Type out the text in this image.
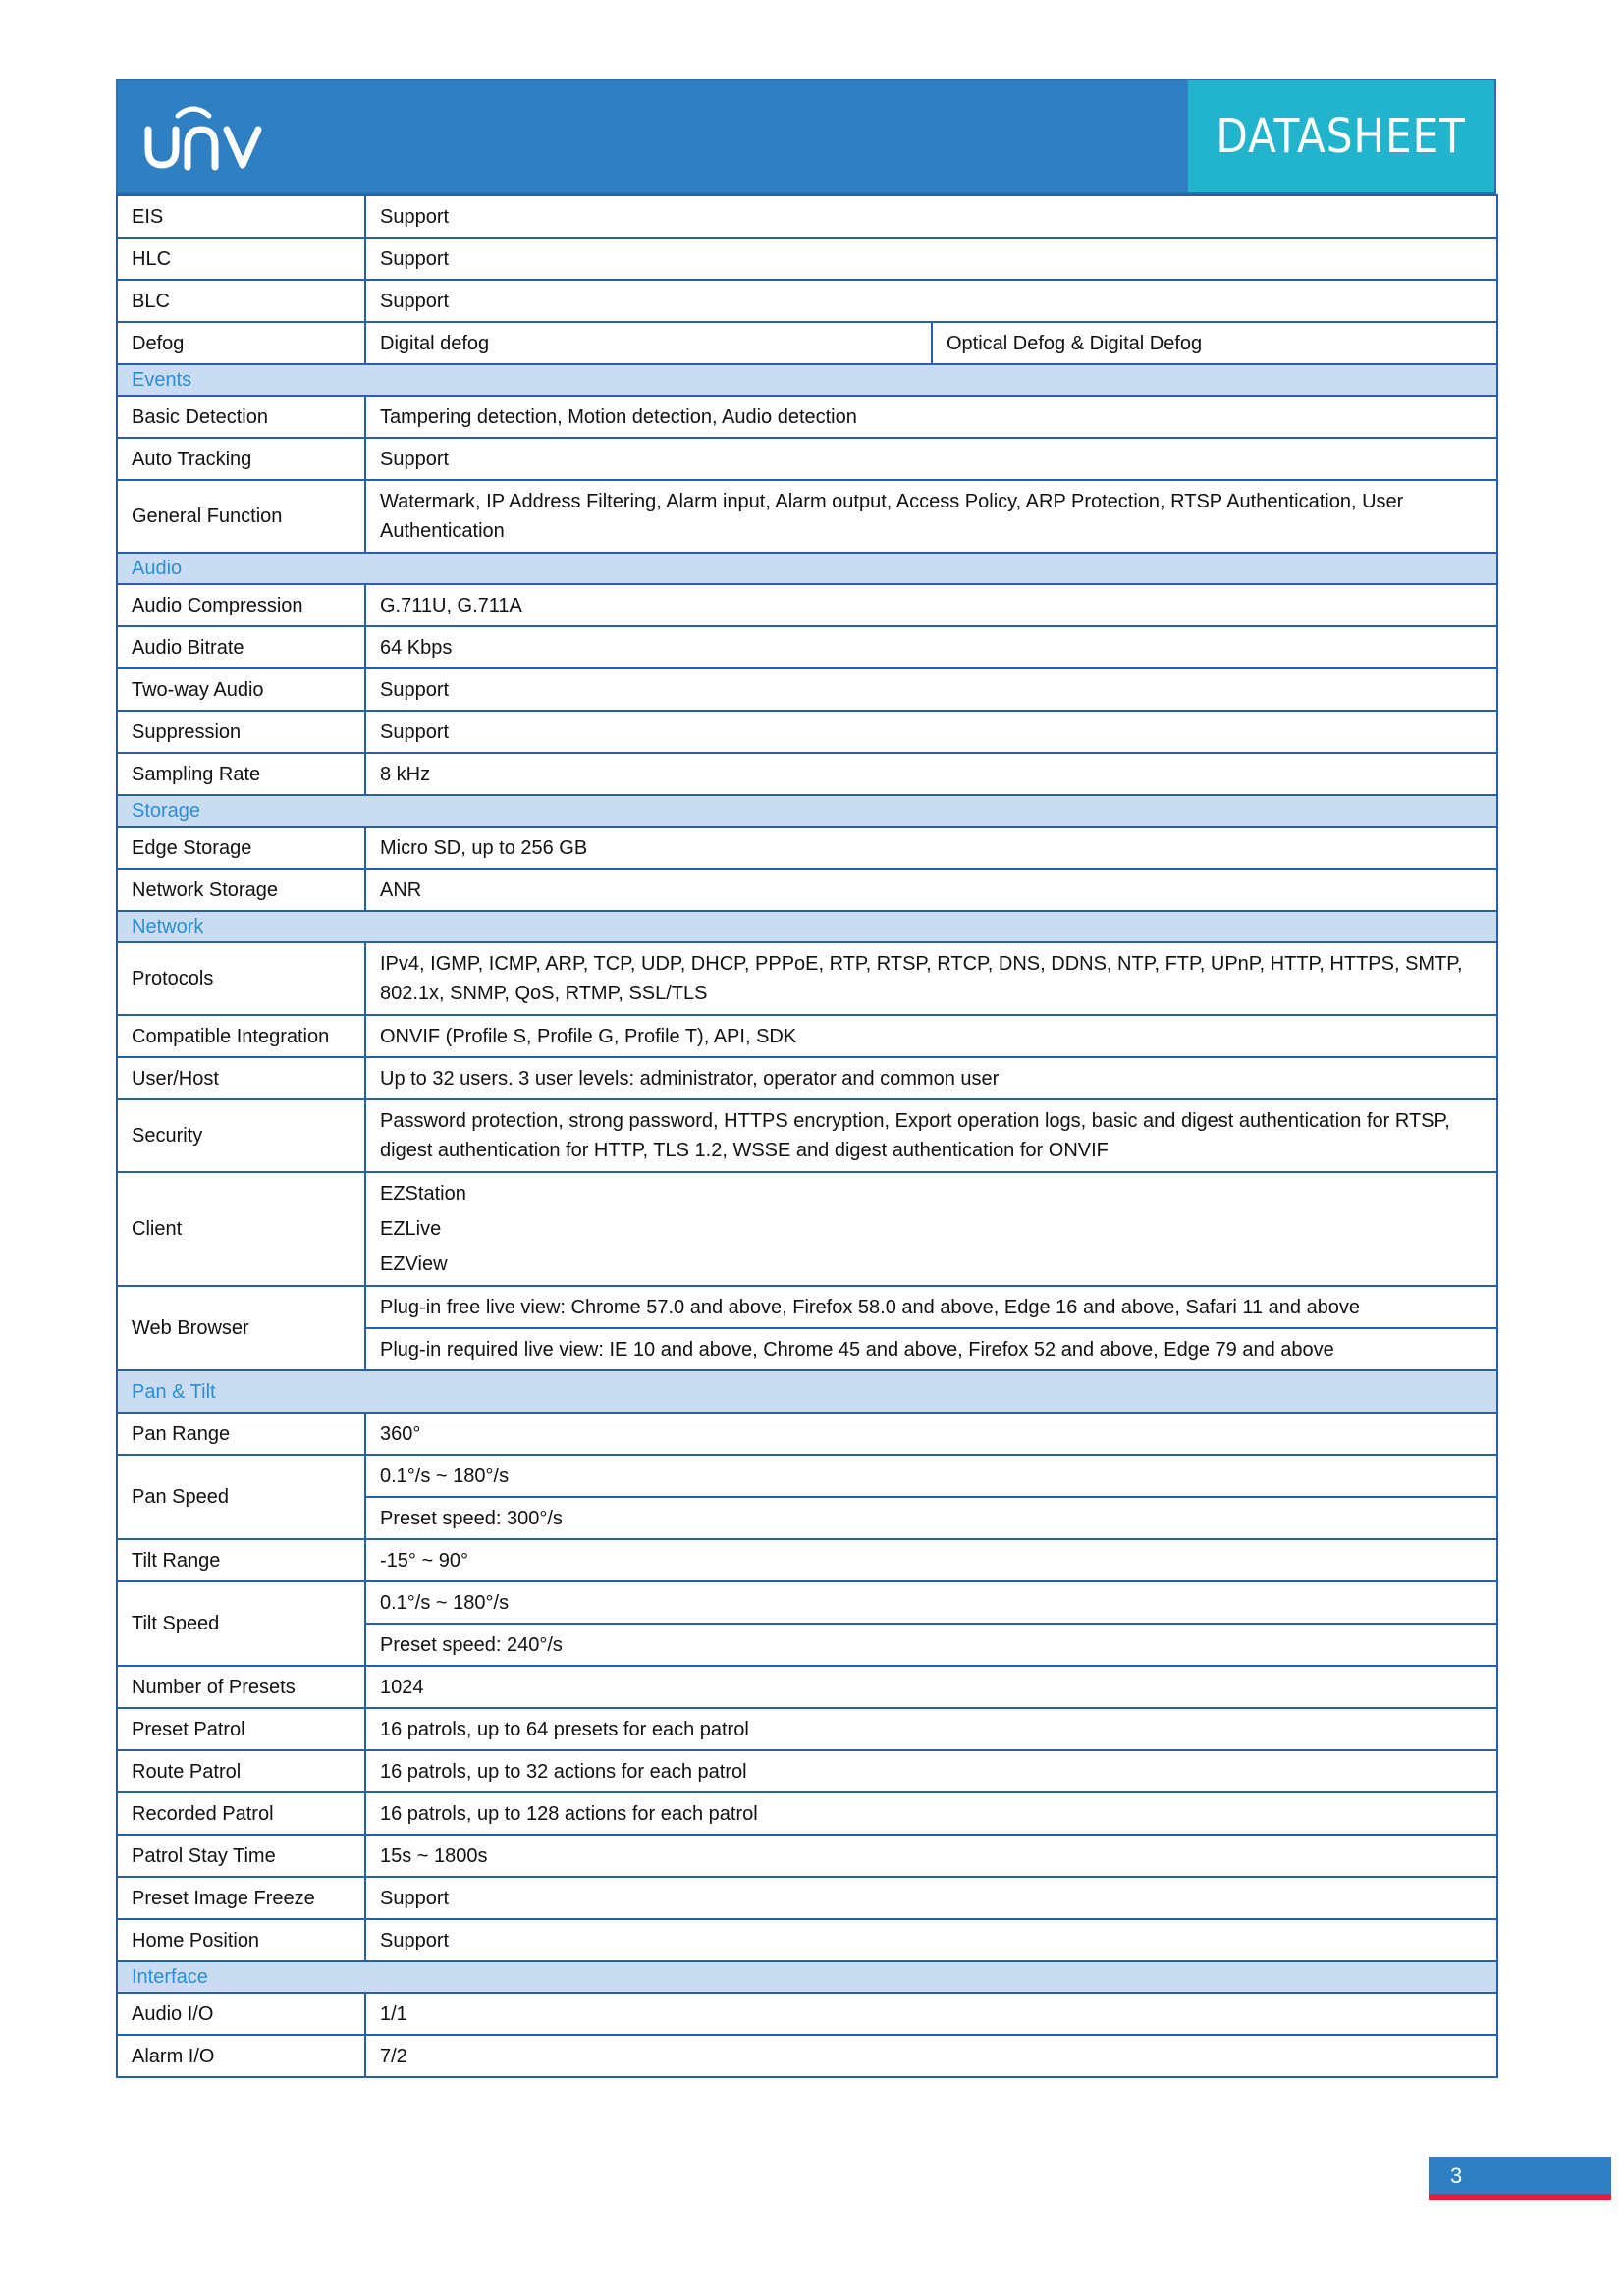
DATASHEET
EIS	Support	
HLC	Support	
BLC	Support	
Defog	Digital defog	Optical Defog & Digital Defog
Events		
Basic Detection	Tampering detection, Motion detection, Audio detection	
Auto Tracking	Support	
General Function	Watermark, IP Address Filtering, Alarm input, Alarm output, Access Policy, ARP Protection, RTSP Authentication, User Authentication	
Audio		
Audio Compression	G.711U, G.711A	
Audio Bitrate	64 Kbps	
Two-way Audio	Support	
Suppression	Support	
Sampling Rate	8 kHz	
Storage		
Edge Storage	Micro SD, up to 256 GB	
Network Storage	ANR	
Network		
Protocols	IPv4, IGMP, ICMP, ARP, TCP, UDP, DHCP, PPPoE, RTP, RTSP, RTCP, DNS, DDNS, NTP, FTP, UPnP, HTTP, HTTPS, SMTP, 802.1x, SNMP, QoS, RTMP, SSL/TLS	
Compatible Integration	ONVIF (Profile S, Profile G, Profile T), API, SDK	
User/Host	Up to 32 users. 3 user levels: administrator, operator and common user	
Security	Password protection, strong password, HTTPS encryption, Export operation logs, basic and digest authentication for RTSP, digest authentication for HTTP, TLS 1.2, WSSE and digest authentication for ONVIF	
Client	EZStation
EZLive
EZView	

Web Browser	Plug-in free live view: Chrome 57.0 and above, Firefox 58.0 and above, Edge 16 and above, Safari 11 and above	
	Plug-in required live view: IE 10 and above, Chrome 45 and above, Firefox 52 and above, Edge 79 and above	
Pan & Tilt		
Pan Range	360°	
Pan Speed	0.1°/s ~ 180°/s	
	Preset speed: 300°/s	
Tilt Range	-15° ~ 90°	
Tilt Speed	0.1°/s ~ 180°/s	
	Preset speed: 240°/s	
Number of Presets	1024	
Preset Patrol	16 patrols, up to 64 presets for each patrol	
Route Patrol	16 patrols, up to 32 actions for each patrol	
Recorded Patrol	16 patrols, up to 128 actions for each patrol	
Patrol Stay Time	15s ~ 1800s	
Preset Image Freeze	Support	
Home Position	Support	
Interface		
Audio I/O	1/1	
Alarm I/O	7/2	
3
